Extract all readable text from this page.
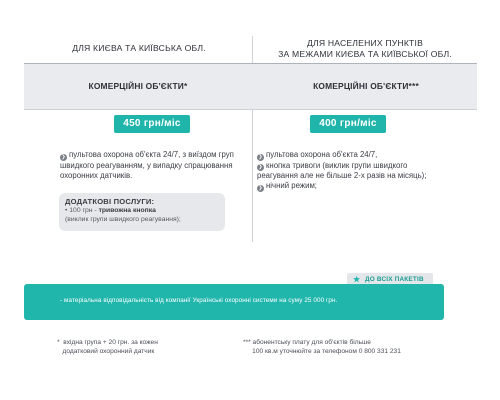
ДЛЯ КИЄВА ТА КИЇВСЬКА ОБЛ.	ДЛЯ НАСЕЛЕНИХ ПУНКТІВ
ЗА МЕЖАМИ КИЄВА ТА КИЇВСЬКОЇ ОБЛ.
КОМЕРЦІЙНІ ОБ'ЄКТИ*	КОМЕРЦІЙНІ ОБ'ЄКТИ***
450 грн/міс	400 грн/міс
❯ пультова охорона об'єкта 24/7, з виїздом груп швидкого реагуванням, у випадку спрацювання охоронних датчиків.
❯ пультова охорона об'єкта 24/7,
❯ кнопка тривоги (виклик групи швидкого реагування але не більше 2-х разів на місяць);
❯ нічний режим;
ДОДАТКОВІ ПОСЛУГИ:
• 100 грн - тривожна кнопка
(виклик групи швидкого реагування);
★ ДО ВСІХ ПАКЕТІВ
- матеріальна відповідальність від компанії Українські охоронні системи на суму 25 000 грн.
*  вхідна група + 20 грн. за кожен
додатковий охоронний датчик
*** абонентську плату для об'єктів більше
100 кв.м уточнюйте за телефоном 0 800 331 231
